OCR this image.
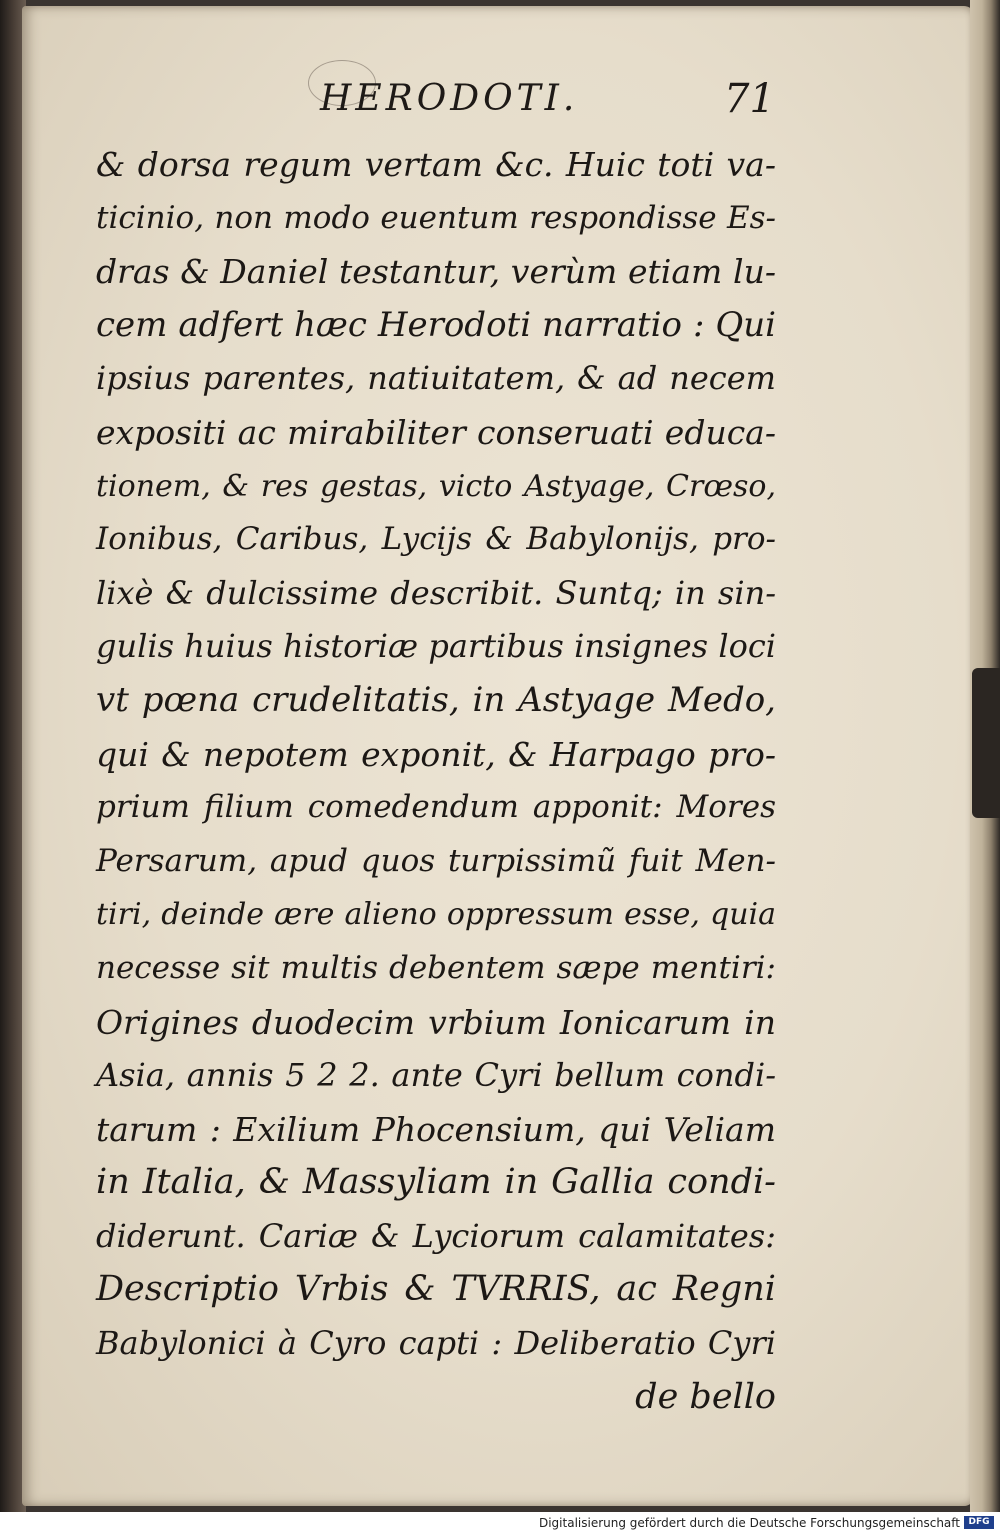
HERODOTI.	71
& dorsa regum vertam &c. Huic toti va-
ticinio, non modo euentum respondisse Es-
dras & Daniel testantur, verùm etiam lu-
cem adfert hæc Herodoti narratio : Qui
ipsius parentes, natiuitatem, & ad necem
expositi ac mirabiliter conseruati educa-
tionem, & res gestas, victo Astyage, Crœso,
Ionibus, Caribus, Lycijs & Babylonijs, pro-
lixè & dulcissime describit. Suntq; in sin-
gulis huius historiæ partibus insignes loci
vt pœna crudelitatis, in Astyage Medo,
qui & nepotem exponit, & Harpago pro-
prium filium comedendum apponit: Mores
Persarum, apud quos turpissimũ fuit Men-
tiri, deinde ære alieno oppressum esse, quia
necesse sit multis debentem sæpe mentiri:
Origines duodecim vrbium Ionicarum in
Asia, annis 5 2 2. ante Cyri bellum condi-
tarum : Exilium Phocensium, qui Veliam
in Italia, & Massyliam in Gallia condi-
diderunt. Cariæ & Lyciorum calamitates:
Descriptio Vrbis & TVRRIS, ac Regni
Babylonici à Cyro capti : Deliberatio Cyri
de bello
Digitalisierung gefördert durch die Deutsche Forschungsgemeinschaft DFG
